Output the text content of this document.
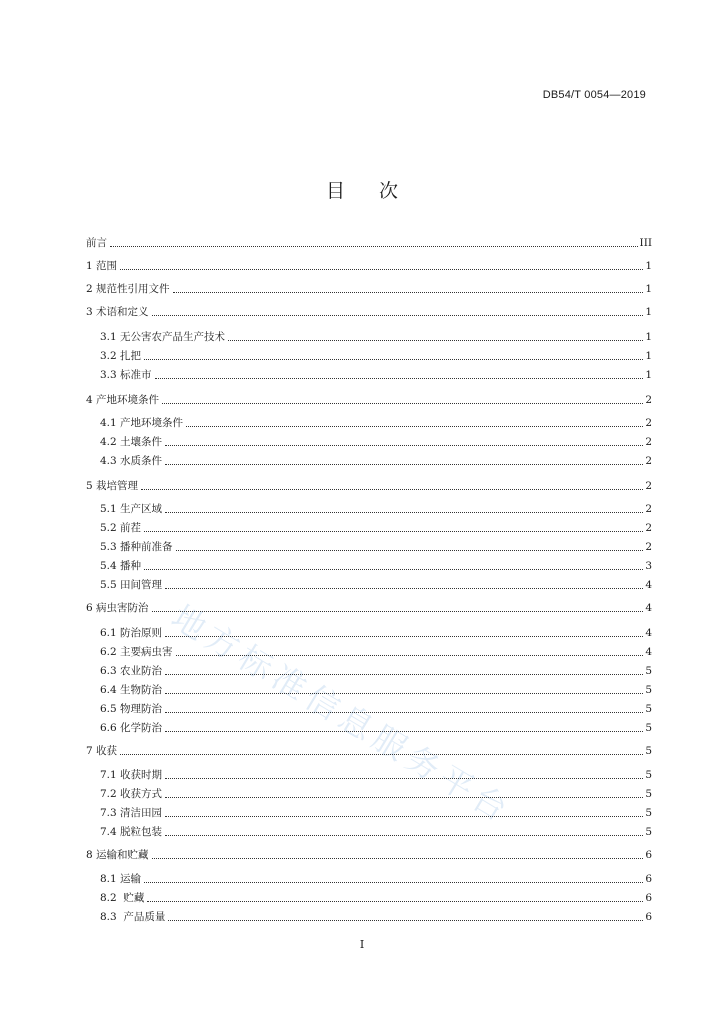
DB54/T 0054—2019
目 次
地方标准信息服务平台
前言	III
1 范围	1
2 规范性引用文件	1
3 术语和定义	1
3.1 无公害农产品生产技术	1
3.2 扎把	1
3.3 标准市	1
4 产地环境条件	2
4.1 产地环境条件	2
4.2 土壤条件	2
4.3 水质条件	2
5 栽培管理	2
5.1 生产区域	2
5.2 前茬	2
5.3 播种前准备	2
5.4 播种	3
5.5 田间管理	4
6 病虫害防治	4
6.1 防治原则	4
6.2 主要病虫害	4
6.3 农业防治	5
6.4 生物防治	5
6.5 物理防治	5
6.6 化学防治	5
7 收获	5
7.1 收获时期	5
7.2 收获方式	5
7.3 清洁田园	5
7.4 脱粒包装	5
8 运输和贮藏	6
8.1 运输	6
8.2  贮藏	6
8.3  产品质量	6
I
